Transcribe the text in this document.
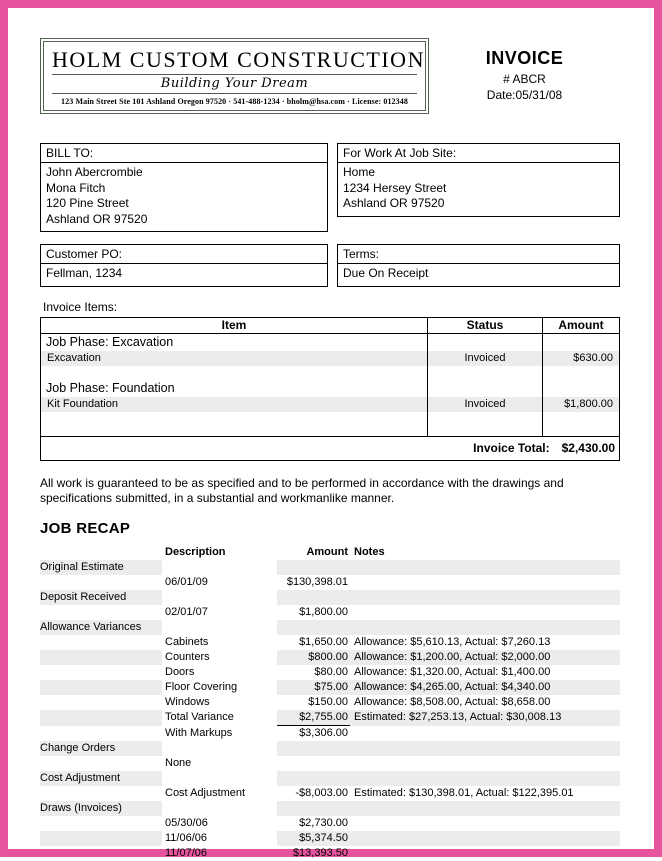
HOLM CUSTOM CONSTRUCTION
Building Your Dream
123 Main Street Ste 101 Ashland Oregon 97520 · 541-488-1234 · bholm@hsa.com · License: 012348
INVOICE
# ABCR
Date:05/31/08
BILL TO:
John Abercrombie
Mona Fitch
120 Pine Street
Ashland OR 97520
For Work At Job Site:
Home
1234 Hersey Street
Ashland OR 97520
Customer PO:
Fellman, 1234
Terms:
Due On Receipt
Invoice Items:
Item	Status	Amount
Job Phase: Excavation
Excavation	Invoiced	$630.00
Job Phase: Foundation
Kit Foundation	Invoiced	$1,800.00
Invoice Total: $2,430.00

All work is guaranteed to be as specified and to be performed in accordance with the drawings and specifications submitted, in a substantial and workmanlike manner.

JOB RECAP
Description	Amount Notes
Original Estimate
06/01/09	$130,398.01
Deposit Received
02/01/07	$1,800.00
Allowance Variances
Cabinets	$1,650.00 Allowance: $5,610.13, Actual: $7,260.13
Counters	$800.00 Allowance: $1,200.00, Actual: $2,000.00
Doors	$80.00 Allowance: $1,320.00, Actual: $1,400.00
Floor Covering	$75.00 Allowance: $4,265.00, Actual: $4,340.00
Windows	$150.00 Allowance: $8,508.00, Actual: $8,658.00
Total Variance	$2,755.00 Estimated: $27,253.13, Actual: $30,008.13
With Markups	$3,306.00
Change Orders
None
Cost Adjustment
Cost Adjustment	-$8,003.00 Estimated: $130,398.01, Actual: $122,395.01
Draws (Invoices)
05/30/06	$2,730.00
11/06/06	$5,374.50
11/07/06	$13,393.50
